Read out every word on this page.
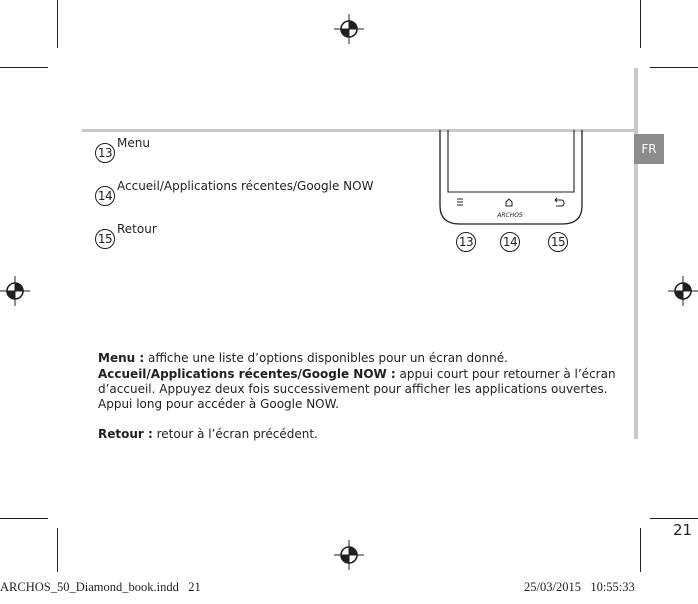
FR
13
Menu
14
Accueil/Applications récentes/Google NOW
15
Retour
ARCHOS
13 14	15
Menu : affiche une liste d’options disponibles pour un écran donné.
Accueil/Applications récentes/Google NOW : appui court pour retourner à l’écran d’accueil. Appuyez deux fois successivement pour afficher les applications ouvertes. Appui long pour accéder à Google NOW.
Retour : retour à l’écran précédent.
21
ARCHOS_50_Diamond_book.indd   21	25/03/2015   10:55:33
